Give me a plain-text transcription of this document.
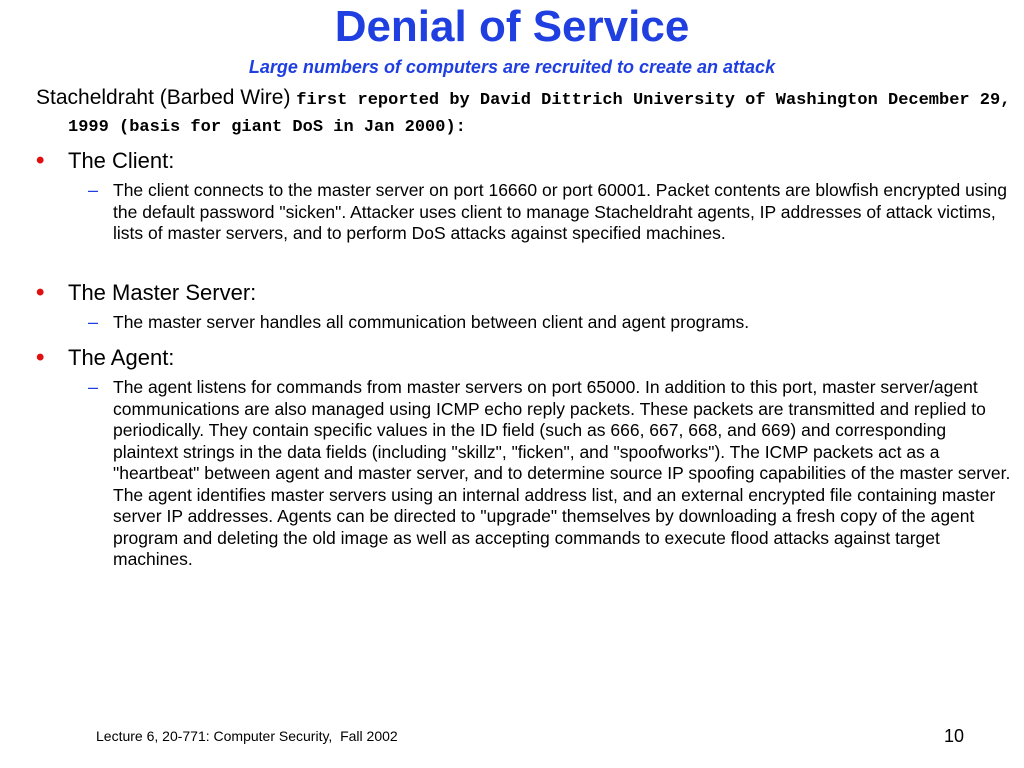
Denial of Service
Large numbers of computers are recruited to create an attack
Stacheldraht (Barbed Wire) first reported by David Dittrich University of Washington December 29, 1999 (basis for giant DoS in Jan 2000):
• The Client:
– The client connects to the master server on port 16660 or port 60001. Packet contents are blowfish encrypted using the default password "sicken". Attacker uses client to manage Stacheldraht agents, IP addresses of attack victims, lists of master servers, and to perform DoS attacks against specified machines.
• The Master Server:
– The master server handles all communication between client and agent programs.
• The Agent:
– The agent listens for commands from master servers on port 65000. In addition to this port, master server/agent communications are also managed using ICMP echo reply packets. These packets are transmitted and replied to periodically. They contain specific values in the ID field (such as 666, 667, 668, and 669) and corresponding plaintext strings in the data fields (including "skillz", "ficken", and "spoofworks"). The ICMP packets act as a "heartbeat" between agent and master server, and to determine source IP spoofing capabilities of the master server. The agent identifies master servers using an internal address list, and an external encrypted file containing master server IP addresses. Agents can be directed to "upgrade" themselves by downloading a fresh copy of the agent program and deleting the old image as well as accepting commands to execute flood attacks against target machines.
Lecture 6, 20-771: Computer Security,  Fall 2002	10
